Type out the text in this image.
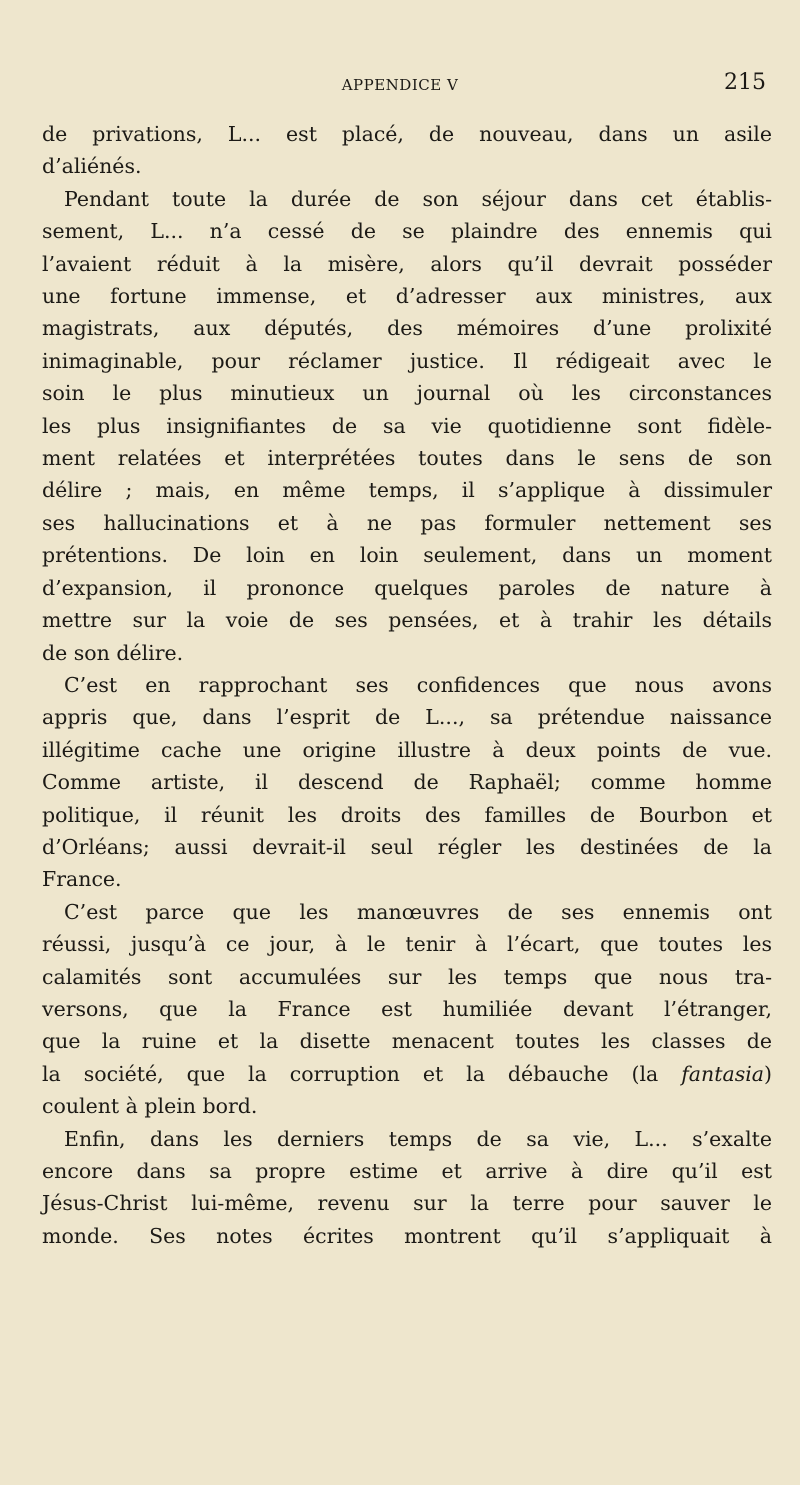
APPENDICE V	215

de privations, L... est placé, de nouveau, dans un asile
d’aliénés.

Pendant toute la durée de son séjour dans cet établis-
sement, L... n’a cessé de se plaindre des ennemis qui
l’avaient réduit à la misère, alors qu’il devrait posséder
une fortune immense, et d’adresser aux ministres, aux
magistrats, aux députés, des mémoires d’une prolixité
inimaginable, pour réclamer justice. Il rédigeait avec le
soin le plus minutieux un journal où les circonstances
les plus insignifiantes de sa vie quotidienne sont fidèle-
ment relatées et interprétées toutes dans le sens de son
délire ; mais, en même temps, il s’applique à dissimuler
ses hallucinations et à ne pas formuler nettement ses
prétentions. De loin en loin seulement, dans un moment
d’expansion, il prononce quelques paroles de nature à
mettre sur la voie de ses pensées, et à trahir les détails
de son délire.

C’est en rapprochant ses confidences que nous avons
appris que, dans l’esprit de L..., sa prétendue naissance
illégitime cache une origine illustre à deux points de vue.
Comme artiste, il descend de Raphaël; comme homme
politique, il réunit les droits des familles de Bourbon et
d’Orléans; aussi devrait-il seul régler les destinées de la
France.

C’est parce que les manœuvres de ses ennemis ont
réussi, jusqu’à ce jour, à le tenir à l’écart, que toutes les
calamités sont accumulées sur les temps que nous tra-
versons, que la France est humiliée devant l’étranger,
que la ruine et la disette menacent toutes les classes de
la société, que la corruption et la débauche (la fantasia)
coulent à plein bord.

Enfin, dans les derniers temps de sa vie, L... s’exalte
encore dans sa propre estime et arrive à dire qu’il est
Jésus-Christ lui-même, revenu sur la terre pour sauver le
monde. Ses notes écrites montrent qu’il s’appliquait à
